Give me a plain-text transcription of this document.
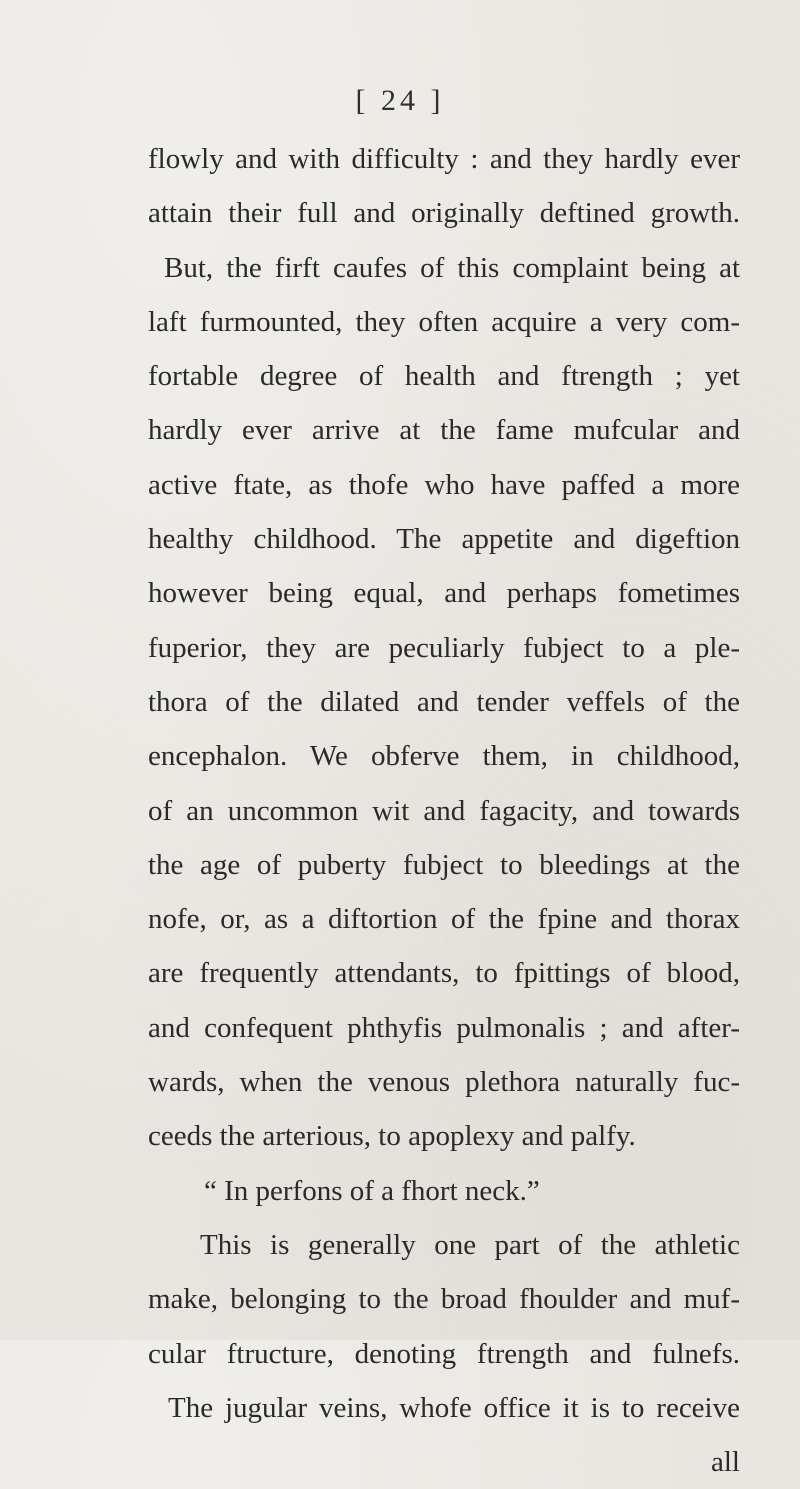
[ 24 ]
flowly and with difficulty : and they hardly ever
attain their full and originally deftined growth.
But, the firft caufes of this complaint being at
laft furmounted, they often acquire a very com-
fortable degree of health and ftrength ; yet
hardly ever arrive at the fame mufcular and
active ftate, as thofe who have paffed a more
healthy childhood. The appetite and digeftion
however being equal, and perhaps fometimes
fuperior, they are peculiarly fubject to a ple-
thora of the dilated and tender veffels of the
encephalon. We obferve them, in childhood,
of an uncommon wit and fagacity, and towards
the age of puberty fubject to bleedings at the
nofe, or, as a diftortion of the fpine and thorax
are frequently attendants, to fpittings of blood,
and confequent phthyfis pulmonalis ; and after-
wards, when the venous plethora naturally fuc-
ceeds the arterious, to apoplexy and palfy.
“ In perfons of a fhort neck.”
This is generally one part of the athletic
make, belonging to the broad fhoulder and muf-
cular ftructure, denoting ftrength and fulnefs.
The jugular veins, whofe office it is to receive
all
